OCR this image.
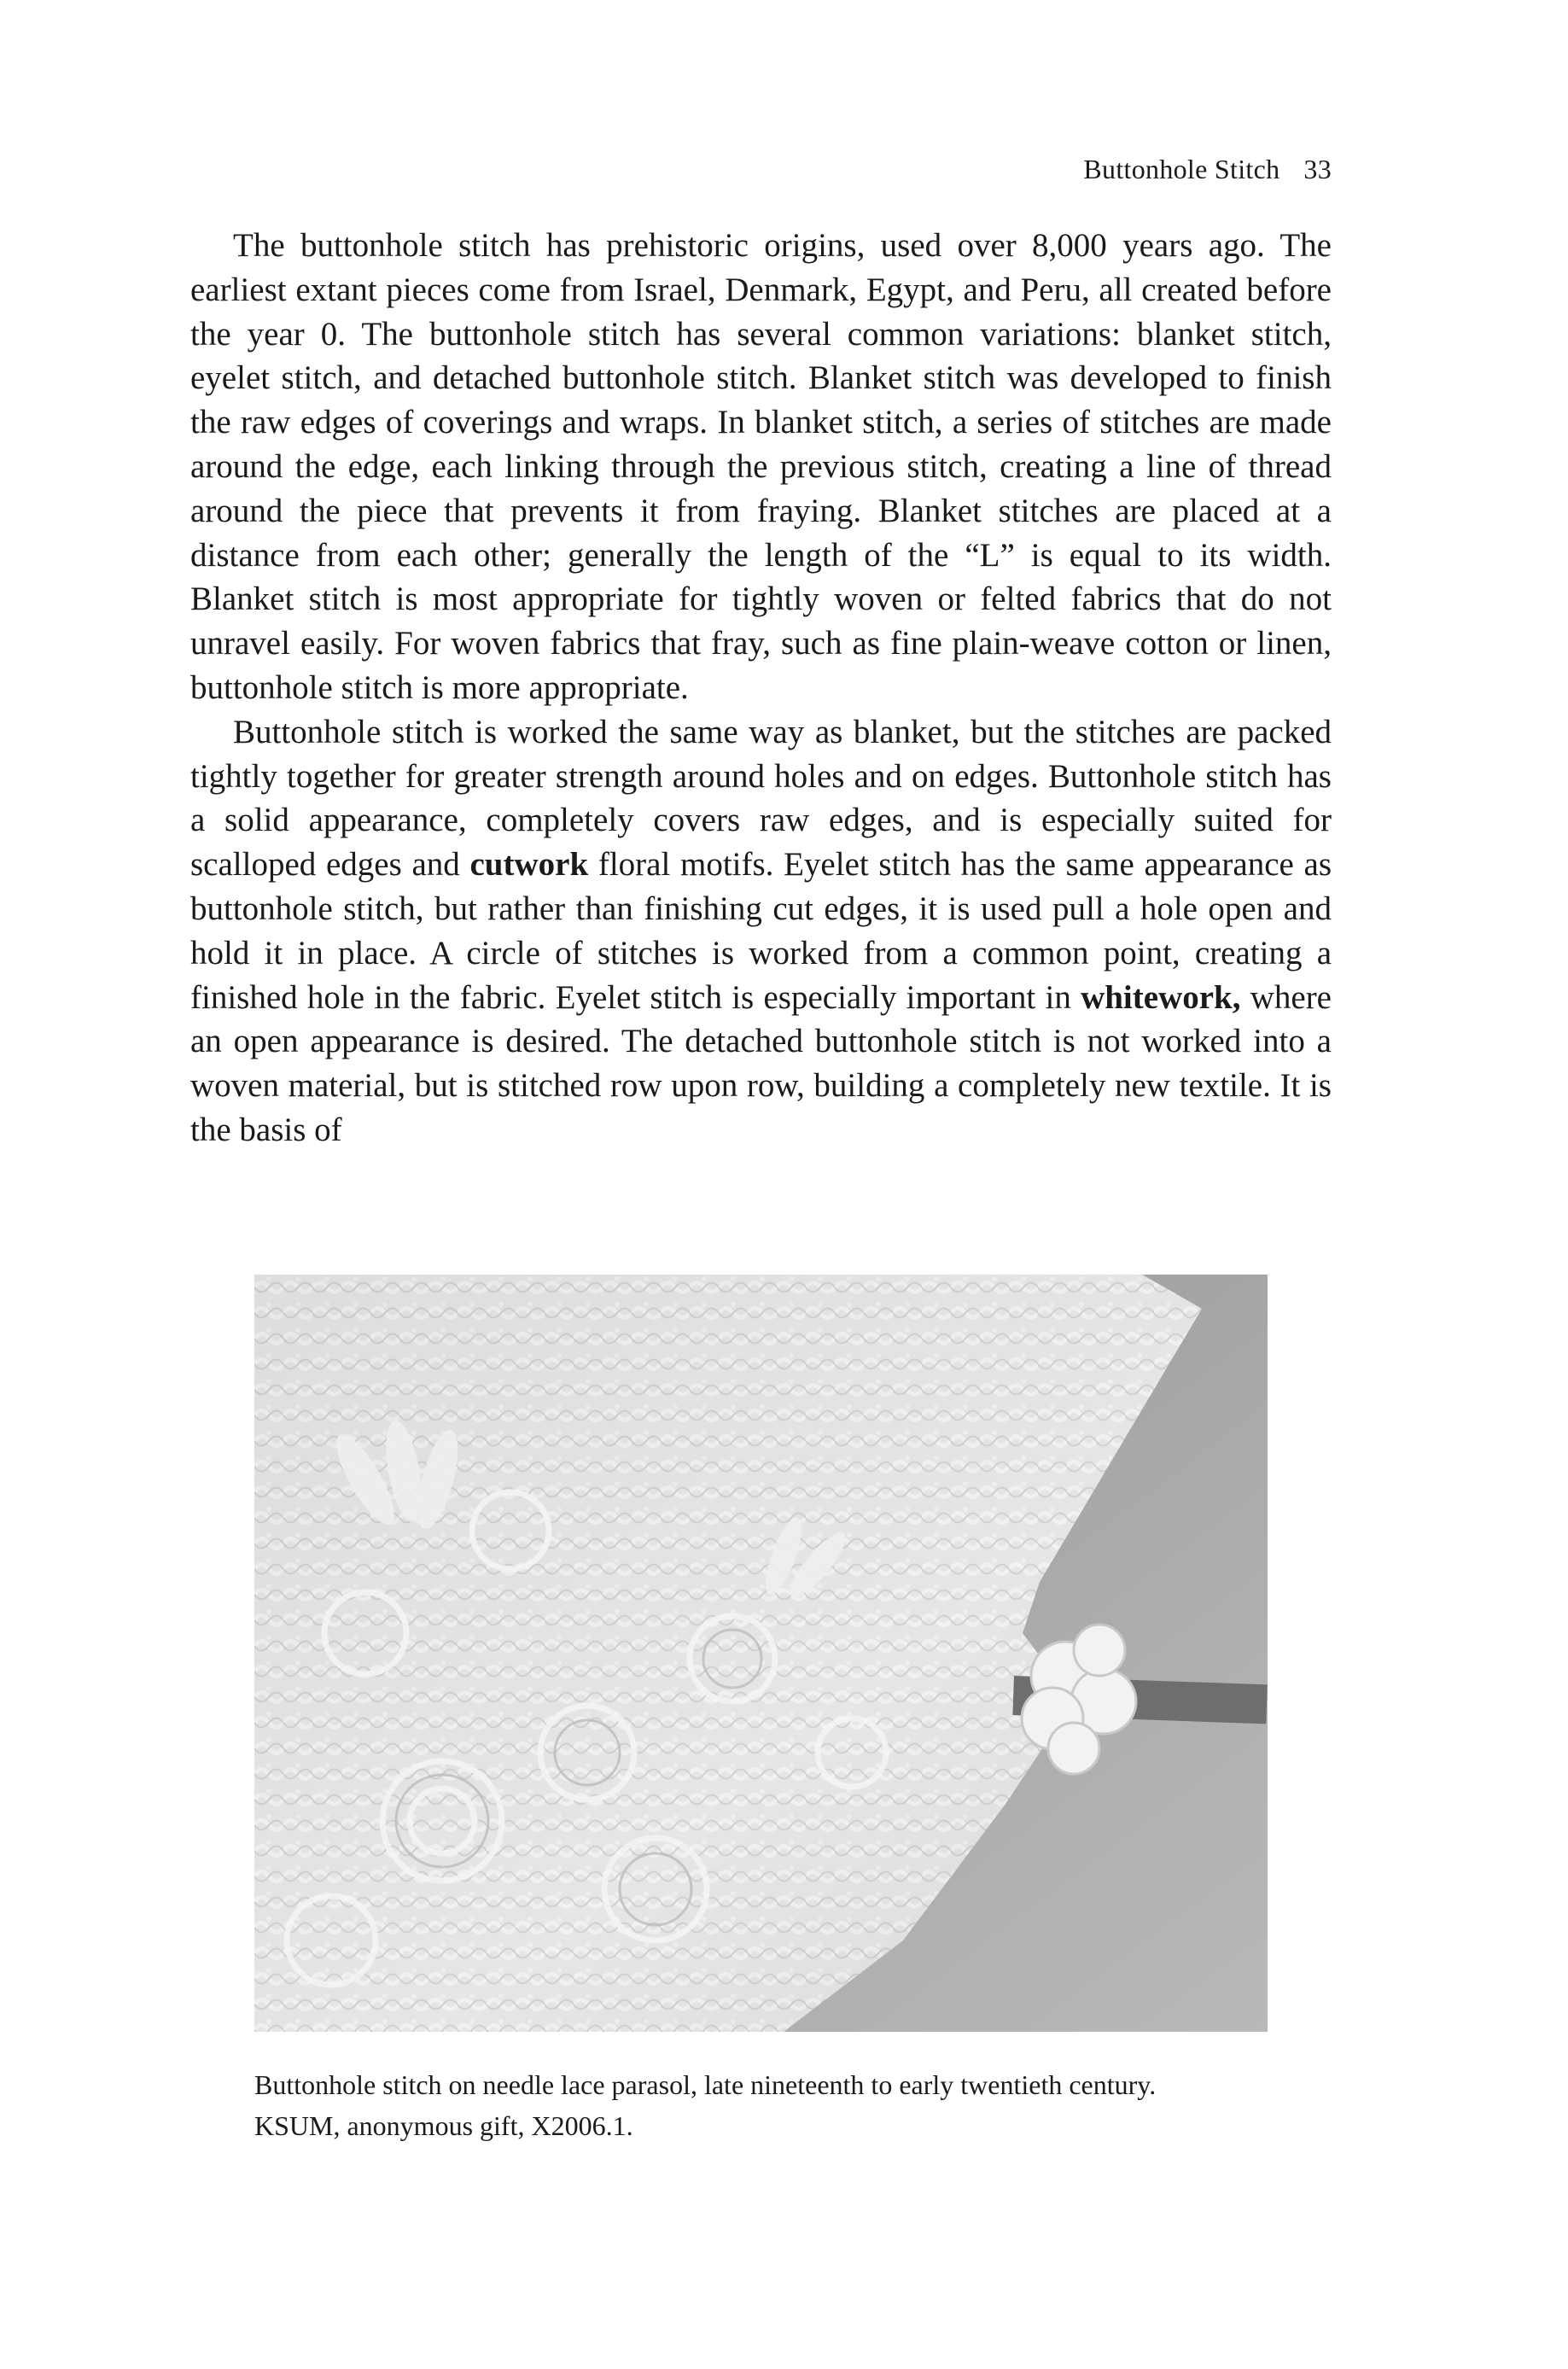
Buttonhole Stitch 33

The buttonhole stitch has prehistoric origins, used over 8,000 years ago. The earliest extant pieces come from Israel, Denmark, Egypt, and Peru, all created before the year 0. The buttonhole stitch has several common variations: blanket stitch, eyelet stitch, and detached buttonhole stitch. Blanket stitch was developed to finish the raw edges of coverings and wraps. In blanket stitch, a series of stitches are made around the edge, each linking through the previous stitch, creating a line of thread around the piece that prevents it from fraying. Blanket stitches are placed at a distance from each other; generally the length of the “L” is equal to its width. Blanket stitch is most appropriate for tightly woven or felted fabrics that do not unravel easily. For woven fabrics that fray, such as fine plain-weave cotton or linen, buttonhole stitch is more appropriate.

Buttonhole stitch is worked the same way as blanket, but the stitches are packed tightly together for greater strength around holes and on edges. Buttonhole stitch has a solid appearance, completely covers raw edges, and is especially suited for scalloped edges and cutwork floral motifs. Eyelet stitch has the same appearance as buttonhole stitch, but rather than finishing cut edges, it is used pull a hole open and hold it in place. A circle of stitches is worked from a common point, creating a finished hole in the fabric. Eyelet stitch is especially important in whitework, where an open appearance is desired. The detached buttonhole stitch is not worked into a woven material, but is stitched row upon row, building a completely new textile. It is the basis of

Buttonhole stitch on needle lace parasol, late nineteenth to early twentieth century.
KSUM, anonymous gift, X2006.1.
